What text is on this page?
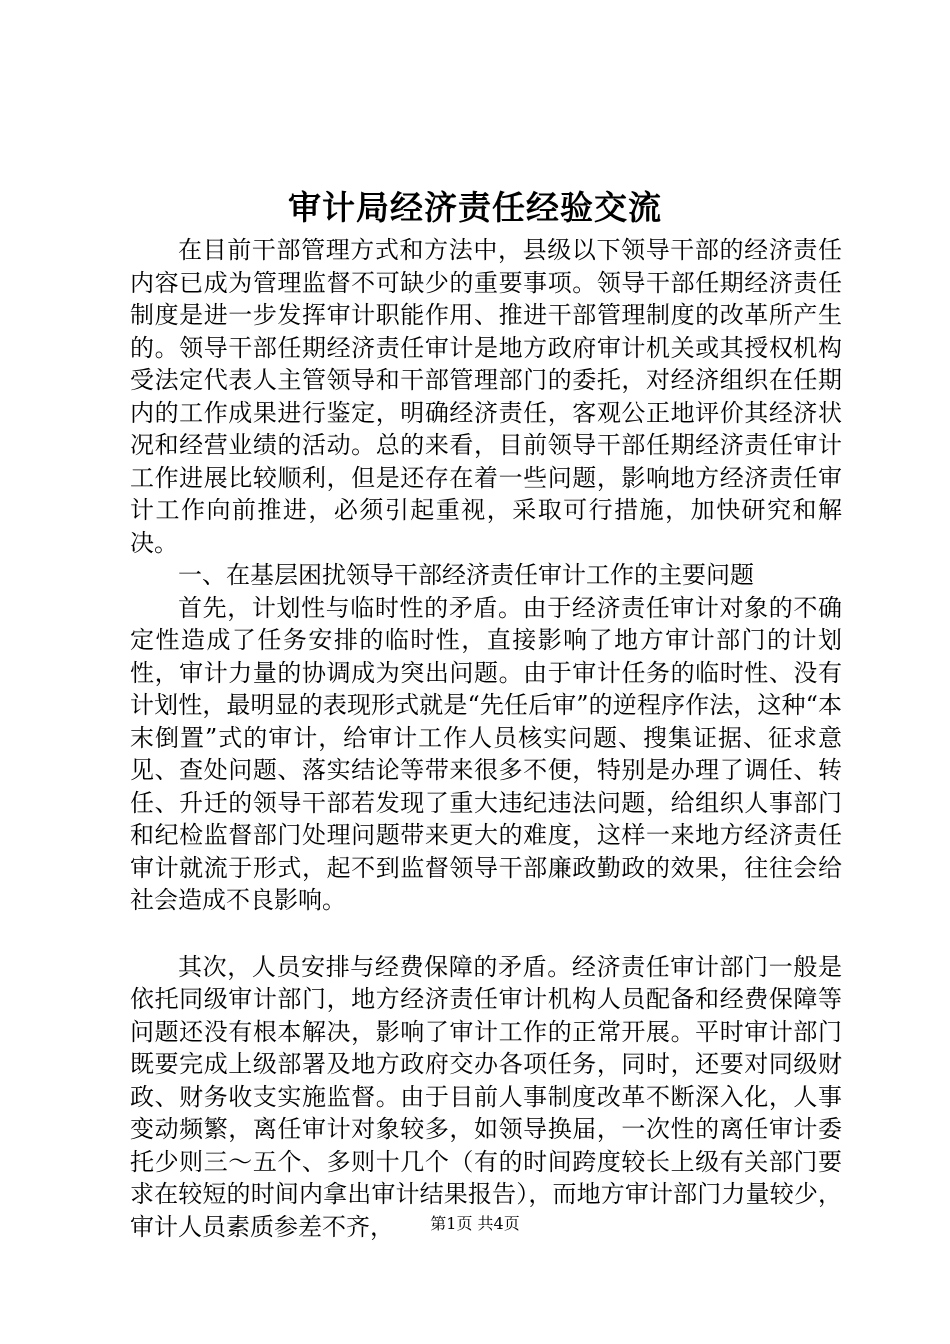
审计局经济责任经验交流

在目前干部管理方式和方法中，县级以下领导干部的经济责任内容已成为管理监督不可缺少的重要事项。领导干部任期经济责任制度是进一步发挥审计职能作用、推进干部管理制度的改革所产生的。领导干部任期经济责任审计是地方政府审计机关或其授权机构受法定代表人主管领导和干部管理部门的委托，对经济组织在任期内的工作成果进行鉴定，明确经济责任，客观公正地评价其经济状况和经营业绩的活动。总的来看，目前领导干部任期经济责任审计工作进展比较顺利，但是还存在着一些问题，影响地方经济责任审计工作向前推进，必须引起重视，采取可行措施，加快研究和解决。

一、在基层困扰领导干部经济责任审计工作的主要问题

首先，计划性与临时性的矛盾。由于经济责任审计对象的不确定性造成了任务安排的临时性，直接影响了地方审计部门的计划性，审计力量的协调成为突出问题。由于审计任务的临时性、没有计划性，最明显的表现形式就是“先任后审”的逆程序作法，这种“本末倒置”式的审计，给审计工作人员核实问题、搜集证据、征求意见、查处问题、落实结论等带来很多不便，特别是办理了调任、转任、升迁的领导干部若发现了重大违纪违法问题，给组织人事部门和纪检监督部门处理问题带来更大的难度，这样一来地方经济责任审计就流于形式，起不到监督领导干部廉政勤政的效果，往往会给社会造成不良影响。

其次，人员安排与经费保障的矛盾。经济责任审计部门一般是依托同级审计部门，地方经济责任审计机构人员配备和经费保障等问题还没有根本解决，影响了审计工作的正常开展。平时审计部门既要完成上级部署及地方政府交办各项任务，同时，还要对同级财政、财务收支实施监督。由于目前人事制度改革不断深入化，人事变动频繁，离任审计对象较多，如领导换届，一次性的离任审计委托少则三～五个、多则十几个（有的时间跨度较长上级有关部门要求在较短的时间内拿出审计结果报告），而地方审计部门力量较少，审计人员素质参差不齐，	第1页 共4页
